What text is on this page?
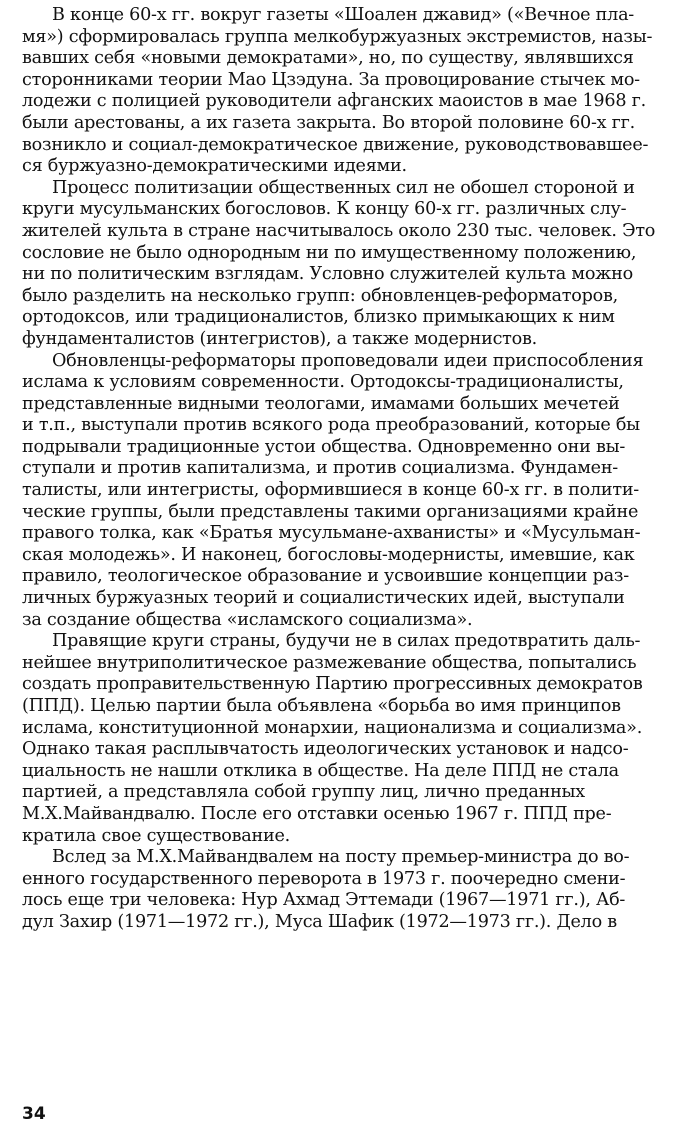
В конце 60-х гг. вокруг газеты «Шоален джавид» («Вечное пла-
мя») сформировалась группа мелкобуржуазных экстремистов, назы-
вавших себя «новыми демократами», но, по существу, являвшихся
сторонниками теории Мао Цзэдуна. За провоцирование стычек мо-
лодежи с полицией руководители афганских маоистов в мае 1968 г.
были арестованы, а их газета закрыта. Во второй половине 60-х гг.
возникло и социал-демократическое движение, руководствовавшее-
ся буржуазно-демократическими идеями.
Процесс политизации общественных сил не обошел стороной и
круги мусульманских богословов. К концу 60-х гг. различных слу-
жителей культа в стране насчитывалось около 230 тыс. человек. Это
сословие не было однородным ни по имущественному положению,
ни по политическим взглядам. Условно служителей культа можно
было разделить на несколько групп: обновленцев-реформаторов,
ортодоксов, или традиционалистов, близко примыкающих к ним
фундаменталистов (интегристов), а также модернистов.
Обновленцы-реформаторы проповедовали идеи приспособления
ислама к условиям современности. Ортодоксы-традиционалисты,
представленные видными теологами, имамами больших мечетей
и т.п., выступали против всякого рода преобразований, которые бы
подрывали традиционные устои общества. Одновременно они вы-
ступали и против капитализма, и против социализма. Фундамен-
талисты, или интегристы, оформившиеся в конце 60-х гг. в полити-
ческие группы, были представлены такими организациями крайне
правого толка, как «Братья мусульмане-ахванисты» и «Мусульман-
ская молодежь». И наконец, богословы-модернисты, имевшие, как
правило, теологическое образование и усвоившие концепции раз-
личных буржуазных теорий и социалистических идей, выступали
за создание общества «исламского социализма».
Правящие круги страны, будучи не в силах предотвратить даль-
нейшее внутриполитическое размежевание общества, попытались
создать проправительственную Партию прогрессивных демократов
(ППД). Целью партии была объявлена «борьба во имя принципов
ислама, конституционной монархии, национализма и социализма».
Однако такая расплывчатость идеологических установок и надсо-
циальность не нашли отклика в обществе. На деле ППД не стала
партией, а представляла собой группу лиц, лично преданных
М.Х.Майвандвалю. После его отставки осенью 1967 г. ППД пре-
кратила свое существование.
Вслед за М.Х.Майвандвалем на посту премьер-министра до во-
енного государственного переворота в 1973 г. поочередно смени-
лось еще три человека: Нур Ахмад Эттемади (1967—1971 гг.), Аб-
дул Захир (1971—1972 гг.), Муса Шафик (1972—1973 гг.). Дело в
34
